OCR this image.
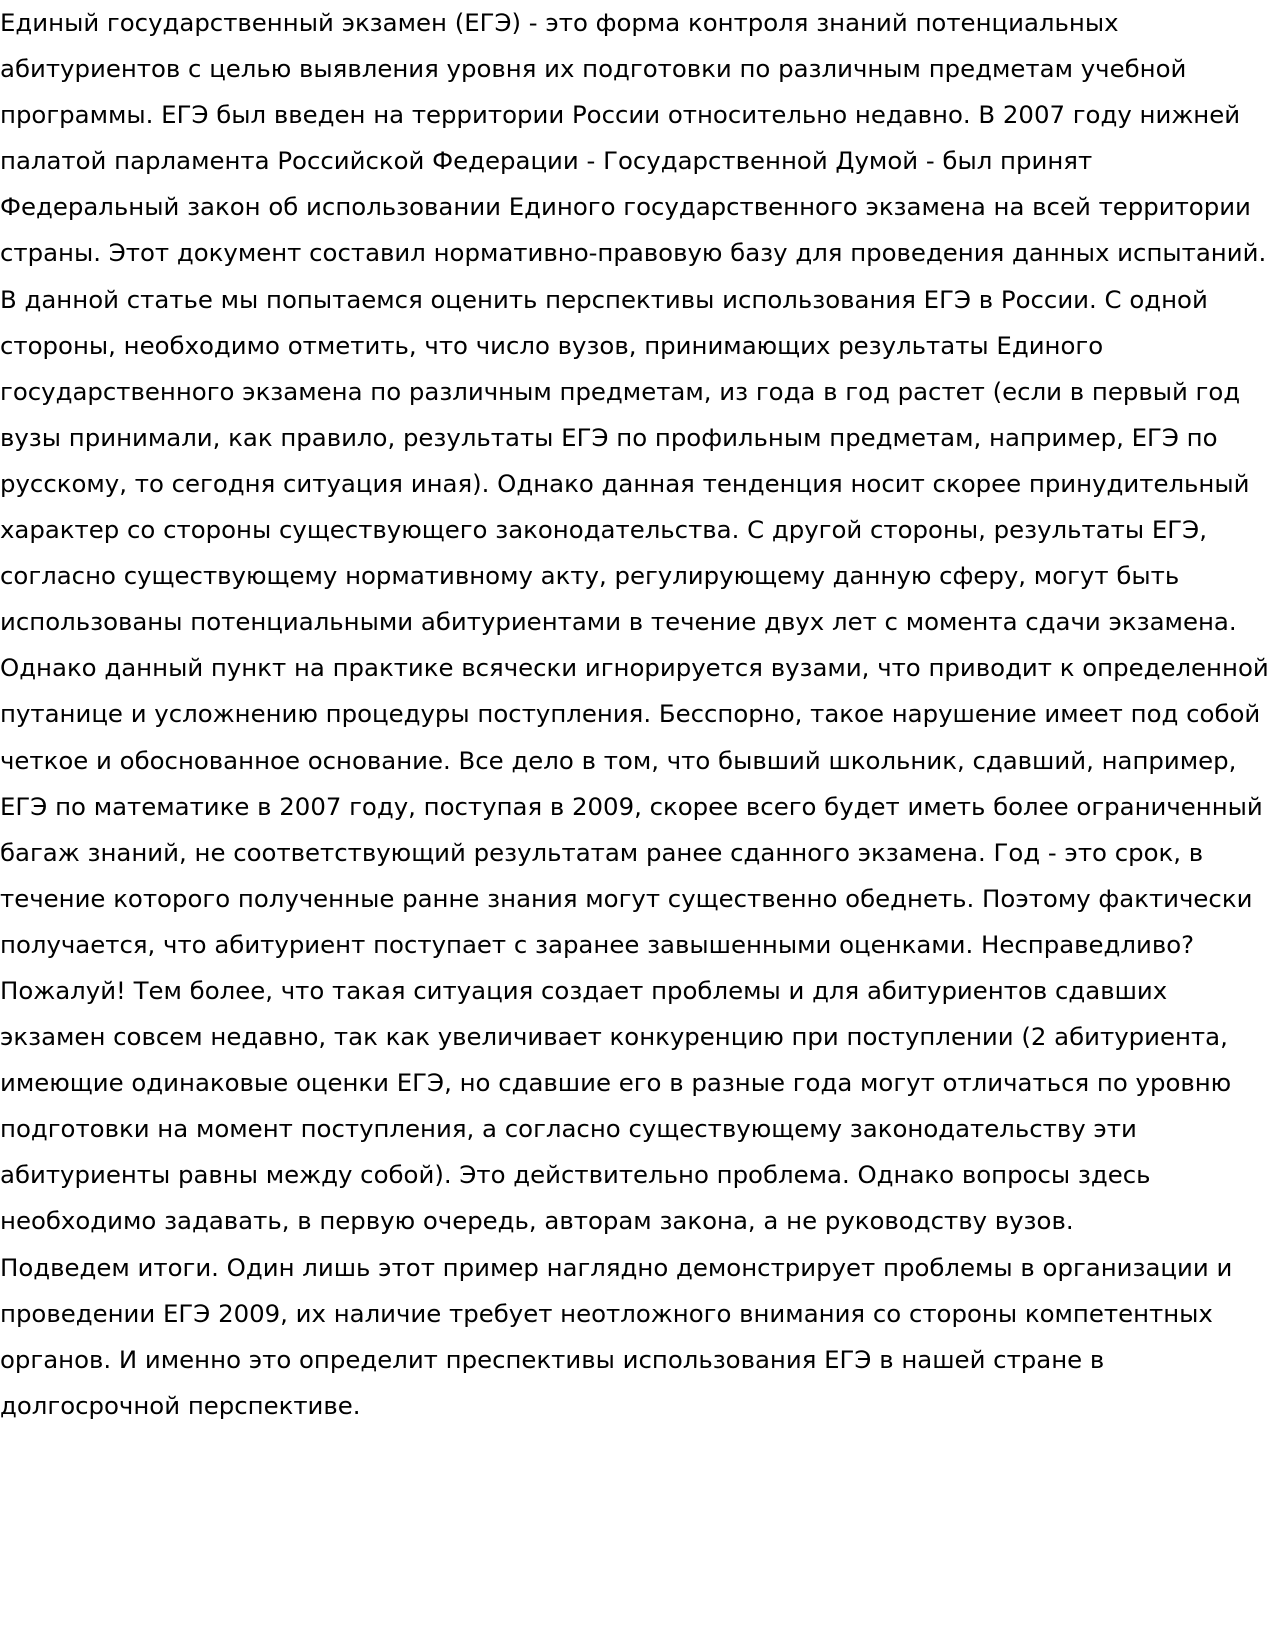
Единый государственный экзамен (ЕГЭ) - это форма контроля знаний потенциальных абитуриентов с целью выявления уровня их подготовки по различным предметам учебной программы. ЕГЭ был введен на территории России относительно недавно. В 2007 году нижней палатой парламента Российской Федерации - Государственной Думой - был принят Федеральный закон об использовании Единого государственного экзамена на всей территории страны. Этот документ составил нормативно-правовую базу для проведения данных испытаний.

В данной статье мы попытаемся оценить перспективы использования ЕГЭ в России. С одной стороны, необходимо отметить, что число вузов, принимающих результаты Единого государственного экзамена по различным предметам, из года в год растет (если в первый год вузы принимали, как правило, результаты ЕГЭ по профильным предметам, например, ЕГЭ по русскому, то сегодня ситуация иная). Однако данная тенденция носит скорее принудительный характер со стороны существующего законодательства. С другой стороны, результаты ЕГЭ, согласно существующему нормативному акту, регулирующему данную сферу, могут быть использованы потенциальными абитуриентами в течение двух лет с момента сдачи экзамена. Однако данный пункт на практике всячески игнорируется вузами, что приводит к определенной путанице и усложнению процедуры поступления. Бесспорно, такое нарушение имеет под собой четкое и обоснованное основание. Все дело в том, что бывший школьник, сдавший, например, ЕГЭ по математике в 2007 году, поступая в 2009, скорее всего будет иметь более ограниченный багаж знаний, не соответствующий результатам ранее сданного экзамена. Год - это срок, в течение которого полученные ранне знания могут существенно обеднеть. Поэтому фактически получается, что абитуриент поступает с заранее завышенными оценками. Несправедливо? Пожалуй! Тем более, что такая ситуация создает проблемы и для абитуриентов сдавших экзамен совсем недавно, так как увеличивает конкуренцию при поступлении (2 абитуриента, имеющие одинаковые оценки ЕГЭ, но сдавшие его в разные года могут отличаться по уровню подготовки на момент поступления, а согласно существующему законодательству эти абитуриенты равны между собой). Это действительно проблема. Однако вопросы здесь необходимо задавать, в первую очередь, авторам закона, а не руководству вузов.

Подведем итоги. Один лишь этот пример наглядно демонстрирует проблемы в организации и проведении ЕГЭ 2009, их наличие требует неотложного внимания со стороны компетентных органов. И именно это определит преспективы использования ЕГЭ в нашей стране в долгосрочной перспективе.
